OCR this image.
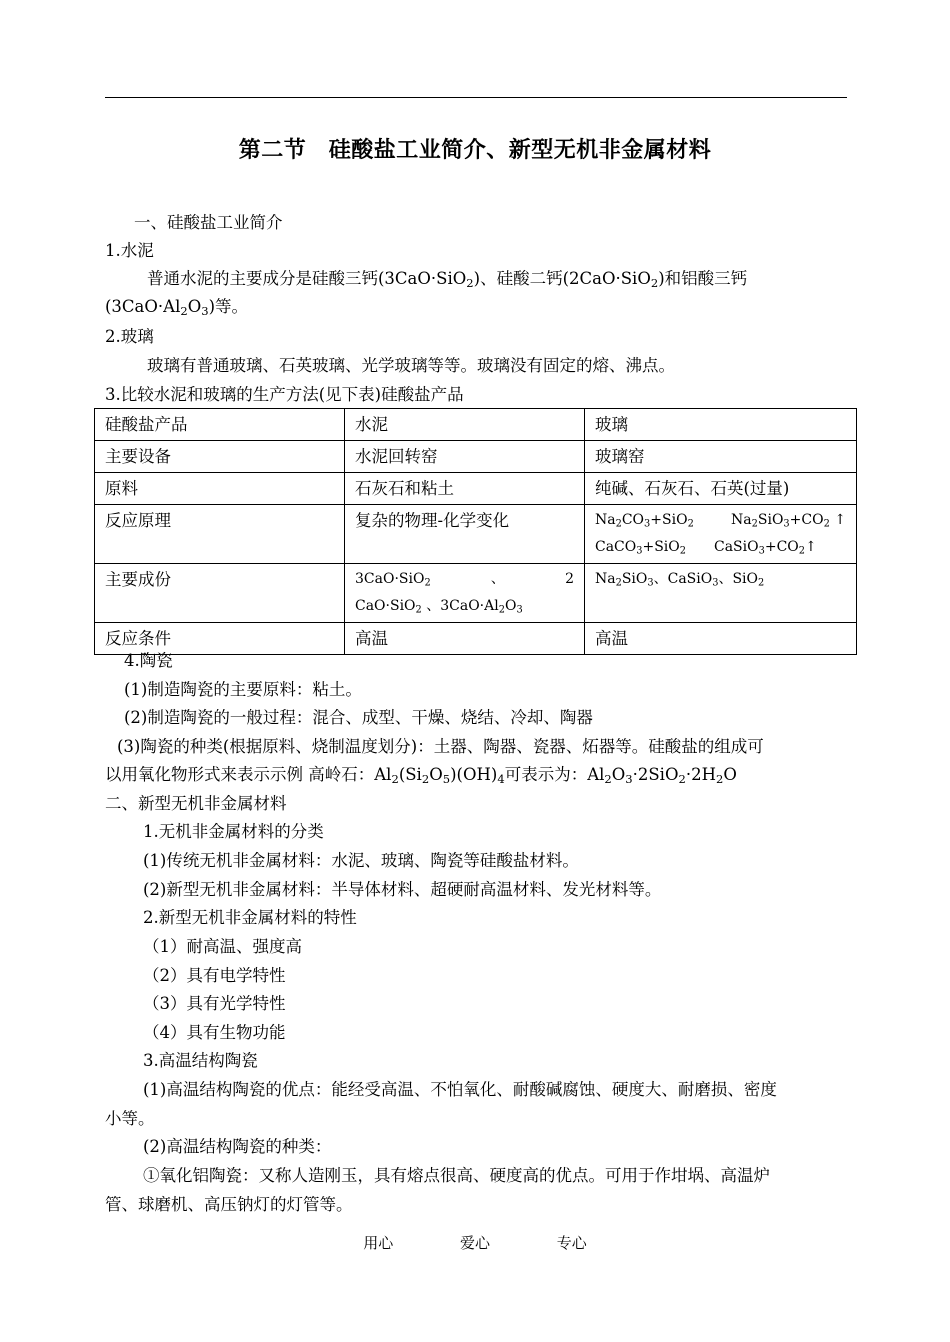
第二节　硅酸盐工业简介、新型无机非金属材料
一、硅酸盐工业简介
1.水泥
普通水泥的主要成分是硅酸三钙(3CaO·SiO$_2$)、硅酸二钙(2CaO·SiO$_2$)和铝酸三钙
$(3CaO\cdot Al_2O_3)$等。
2.玻璃
玻璃有普通玻璃、石英玻璃、光学玻璃等等。玻璃没有固定的熔、沸点。
3.比较水泥和玻璃的生产方法(见下表)硅酸盐产品
硅酸盐产品	水泥	玻璃
主要设备	水泥回转窑	玻璃窑
原料	石灰石和粘土	纯碱、石灰石、石英(过量)
反应原理	复杂的物理-化学变化	$Na_2CO_3+SiO_2$ $Na_2SiO_3+CO_2$ ↑
CaCO$_3$+SiO$_2$ $CaSiO_3+CO_2↑$

主要成份	3CaO·SiO$_2$ 、 2
CaO·SiO$_2$ 、$3CaO\cdot Al_2O_3$	$Na_2SiO_3$、CaSiO$_3$、SiO$_2$
反应条件	高温	高温
4.陶瓷
(1)制造陶瓷的主要原料：粘土。
(2)制造陶瓷的一般过程：混合、成型、干燥、烧结、冷却、陶器
(3)陶瓷的种类(根据原料、烧制温度划分)：土器、陶器、瓷器、炻器等。硅酸盐的组成可
以用氧化物形式来表示示例 高岭石：$Al_2(Si_2O_5)(OH)_4$可表示为：$Al_2O_3\cdot 2SiO_2\cdot 2H_2O$
二、新型无机非金属材料
1.无机非金属材料的分类
(1)传统无机非金属材料：水泥、玻璃、陶瓷等硅酸盐材料。
(2)新型无机非金属材料：半导体材料、超硬耐高温材料、发光材料等。
2.新型无机非金属材料的特性
（1）耐高温、强度高
（2）具有电学特性
（3）具有光学特性
（4）具有生物功能
3.高温结构陶瓷
(1)高温结构陶瓷的优点：能经受高温、不怕氧化、耐酸碱腐蚀、硬度大、耐磨损、密度
小等。
(2)高温结构陶瓷的种类：
①氧化铝陶瓷：又称人造刚玉，具有熔点很高、硬度高的优点。可用于作坩埚、高温炉
管、球磨机、高压钠灯的灯管等。
用心	爱心	专心
